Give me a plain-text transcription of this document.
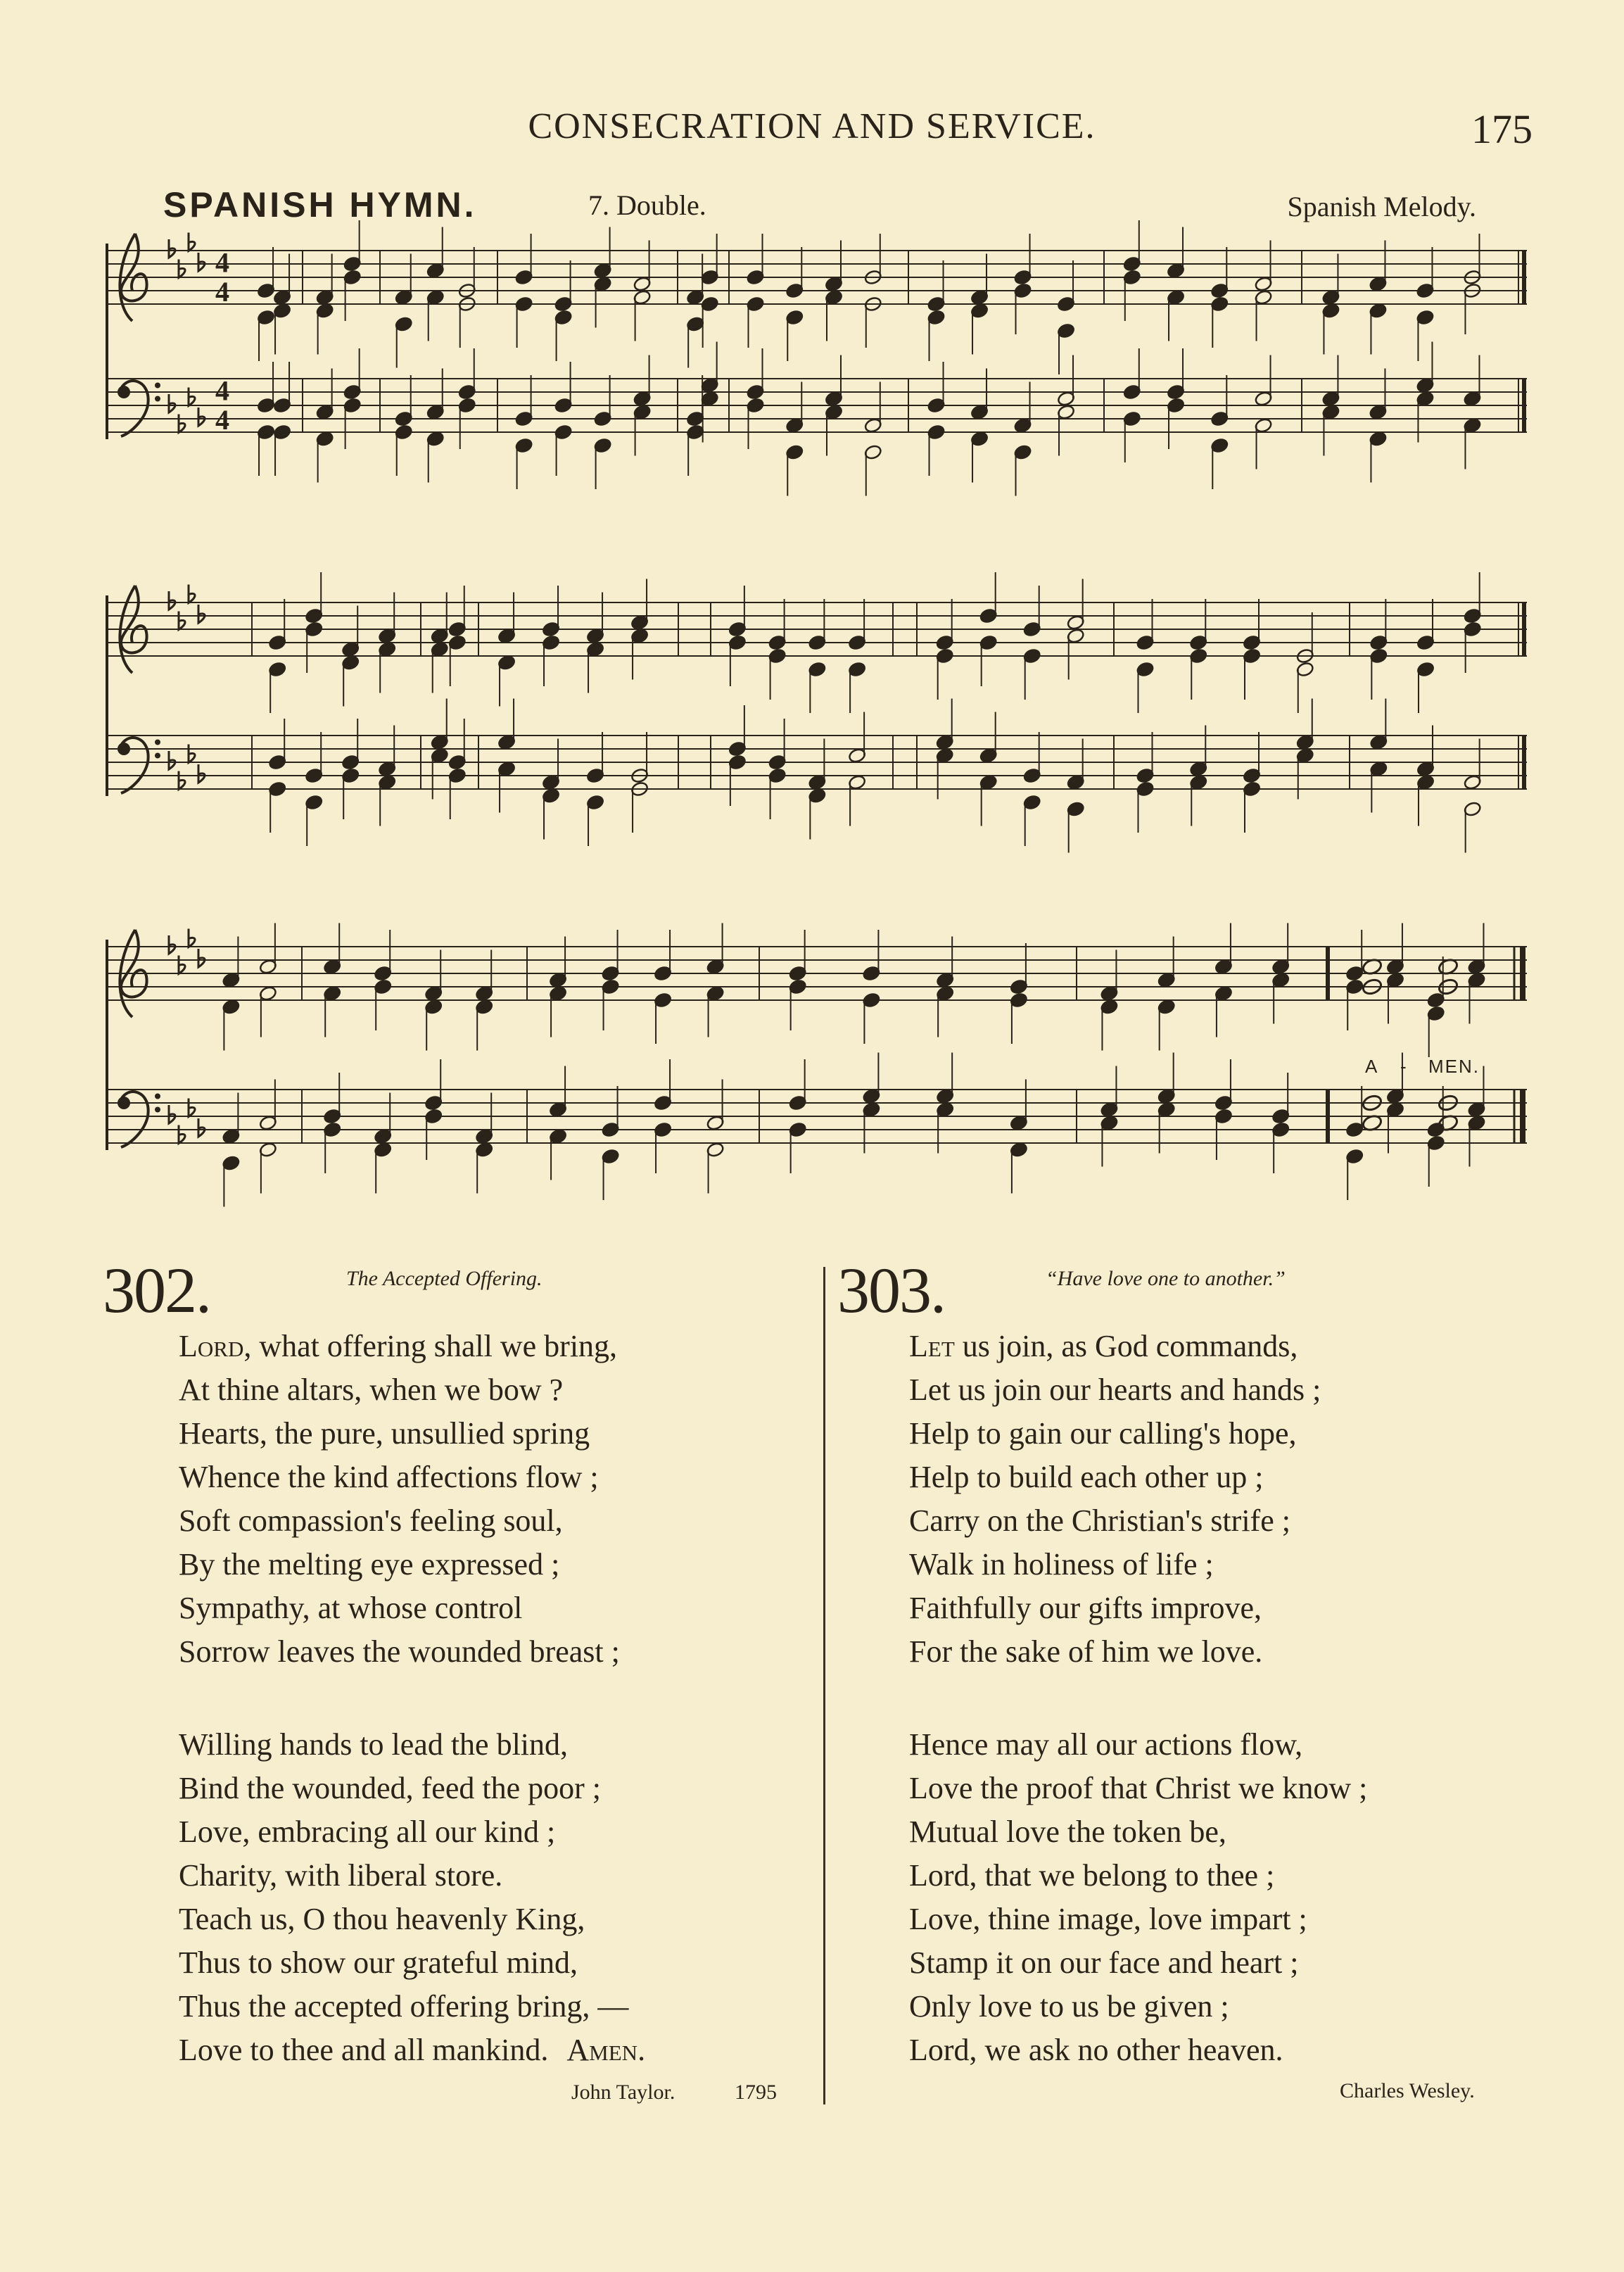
CONSECRATION AND SERVICE.	175
SPANISH HYMN.	7. Double.	Spanish Melody.
4
4
4
4
A - MEN.
302.	The Accepted Offering.
Lord, what offering shall we bring,
At thine altars, when we bow ?
Hearts, the pure, unsullied spring
Whence the kind affections flow ;
Soft compassion's feeling soul,
By the melting eye expressed ;
Sympathy, at whose control
Sorrow leaves the wounded breast ;
Willing hands to lead the blind,
Bind the wounded, feed the poor ;
Love, embracing all our kind ;
Charity, with liberal store.
Teach us, O thou heavenly King,
Thus to show our grateful mind,
Thus the accepted offering bring, —
Love to thee and all mankind. Amen.
John Taylor.	1795
303.	“Have love one to another.”
Let us join, as God commands,
Let us join our hearts and hands ;
Help to gain our calling's hope,
Help to build each other up ;
Carry on the Christian's strife ;
Walk in holiness of life ;
Faithfully our gifts improve,
For the sake of him we love.
Hence may all our actions flow,
Love the proof that Christ we know ;
Mutual love the token be,
Lord, that we belong to thee ;
Love, thine image, love impart ;
Stamp it on our face and heart ;
Only love to us be given ;
Lord, we ask no other heaven.
Charles Wesley.
